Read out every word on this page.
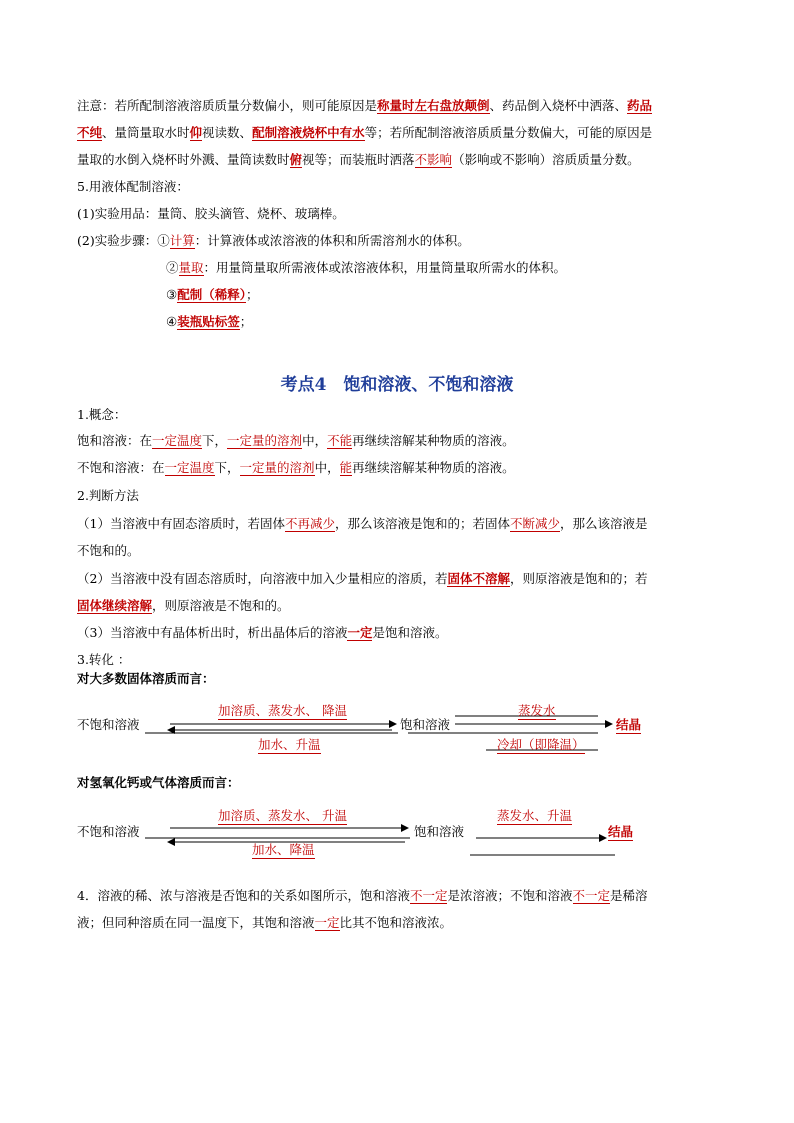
注意：若所配制溶液溶质质量分数偏小，则可能原因是称量时左右盘放颠倒、药品倒入烧杯中洒落、药品
不纯、量筒量取水时仰视读数、配制溶液烧杯中有水等；若所配制溶液溶质质量分数偏大，可能的原因是
量取的水倒入烧杯时外溅、量筒读数时俯视等；而装瓶时洒落不影响（影响或不影响）溶质质量分数。
5.用液体配制溶液：
(1)实验用品：量筒、胶头滴管、烧杯、玻璃棒。
(2)实验步骤：①计算：计算液体或浓溶液的体积和所需溶剂水的体积。
②量取：用量筒量取所需液体或浓溶液体积，用量筒量取所需水的体积。
③配制（稀释）；
④装瓶贴标签；
考点4　饱和溶液、不饱和溶液
1.概念：
饱和溶液：在一定温度下，一定量的溶剂中，不能再继续溶解某种物质的溶液。
不饱和溶液：在一定温度下，一定量的溶剂中，能再继续溶解某种物质的溶液。
2.判断方法
（1）当溶液中有固态溶质时，若固体不再减少，那么该溶液是饱和的；若固体不断减少，那么该溶液是
不饱和的。
（2）当溶液中没有固态溶质时，向溶液中加入少量相应的溶质，若固体不溶解，则原溶液是饱和的；若
固体继续溶解，则原溶液是不饱和的。
（3）当溶液中有晶体析出时，析出晶体后的溶液一定是饱和溶液。
3.转化 ：
对大多数固体溶质而言：
不饱和溶液
加溶质、蒸发水、 降温
饱和溶液
蒸发水
结晶
加水、升温	冷却（即降温）
对氢氧化钙或气体溶质而言：
加溶质、蒸发水、 升温	蒸发水、升温
不饱和溶液	饱和溶液	结晶
加水、降温
4．溶液的稀、浓与溶液是否饱和的关系如图所示，饱和溶液不一定是浓溶液；不饱和溶液不一定是稀溶
液；但同种溶质在同一温度下，其饱和溶液一定比其不饱和溶液浓。
